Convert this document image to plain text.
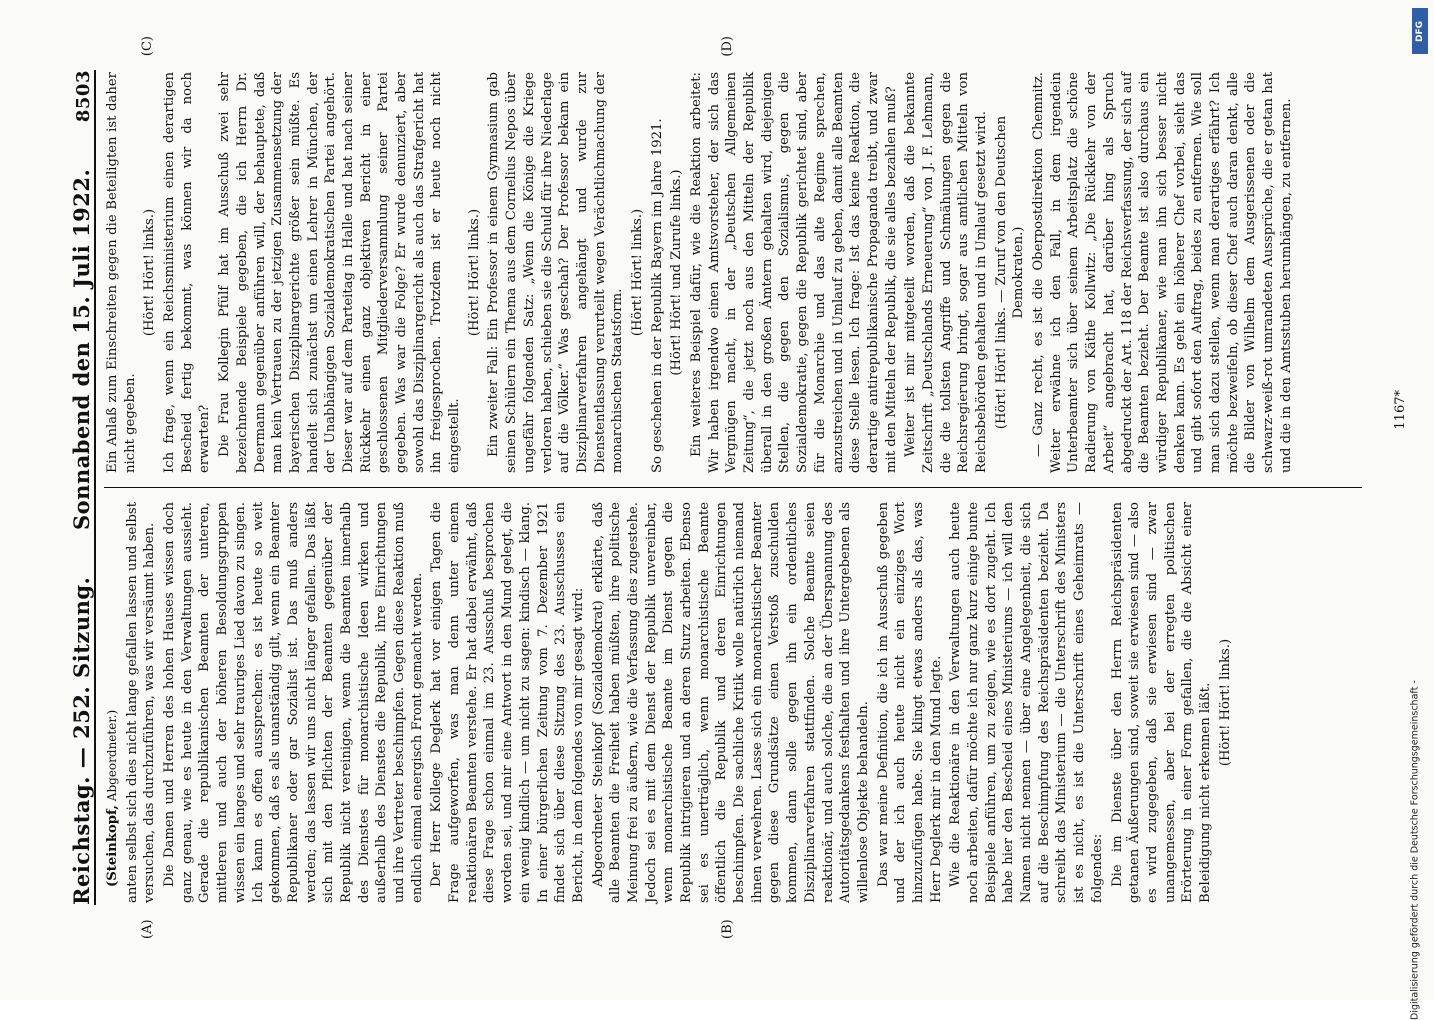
Reichstag. — 252. Sitzung.
Sonnabend den 15. Juli 1922.
8503
(A)	(B)
(C)	(D)

(Steinkopf, Abgeordneter.) anten selbst sich dies nicht lange gefallen lassen und selbst versuchen, das durchzuführen, was wir versäumt haben. Die Damen und Herren des hohen Hauses wissen doch ganz genau, wie es heute in den Verwaltungen aussieht. Gerade die republikanischen Beamten der unteren, mittleren und auch der höheren Besoldungsgruppen wissen ein langes und sehr trauriges Lied davon zu singen. Ich kann es offen aussprechen: es ist heute so weit gekommen, daß es als unanständig gilt, wenn ein Beamter Republikaner oder gar Sozialist ist. Das muß anders werden; das lassen wir uns nicht länger gefallen. Das läßt sich mit den Pflichten der Beamten gegenüber der Republik nicht vereinigen, wenn die Beamten innerhalb des Dienstes für monarchistische Ideen wirken und außerhalb des Dienstes die Republik, ihre Einrichtungen und ihre Vertreter beschimpfen. Gegen diese Reaktion muß endlich einmal energisch Front gemacht werden. Der Herr Kollege Deglerk hat vor einigen Tagen die Frage aufgeworfen, was man denn unter einem reaktionären Beamten verstehe. Er hat dabei erwähnt, daß diese Frage schon einmal im 23. Ausschuß besprochen worden sei, und mir eine Antwort in den Mund gelegt, die ein wenig kindlich — um nicht zu sagen: kindisch — klang. In einer bürgerlichen Zeitung vom 7. Dezember 1921 findet sich über diese Sitzung des 23. Ausschusses ein Bericht, in dem folgendes von mir gesagt wird: Abgeordneter Steinkopf (Sozialdemokrat) erklärte, daß alle Beamten die Freiheit haben müßten, ihre politische Meinung frei zu äußern, wie die Verfassung dies zugestehe. Jedoch sei es mit dem Dienst der Republik unvereinbar, wenn monarchistische Beamte im Dienst gegen die Republik intrigieren und an deren Sturz arbeiten. Ebenso sei es unerträglich, wenn monarchistische Beamte öffentlich die Republik und deren Einrichtungen beschimpfen. Die sachliche Kritik wolle natürlich niemand ihnen verwehren. Lasse sich ein monarchistischer Beamter gegen diese Grundsätze einen Verstoß zuschulden kommen, dann solle gegen ihn ein ordentliches Disziplinarverfahren stattfinden. Solche Beamte seien reaktionär, und auch solche, die an der Überspannung des Autoritätsgedankens festhalten und ihre Untergebenen als willenlose Objekte behandeln. Das war meine Definition, die ich im Ausschuß gegeben und der ich auch heute nicht ein einziges Wort hinzuzufügen habe. Sie klingt etwas anders als das, was Herr Deglerk mir in den Mund legte. Wie die Reaktionäre in den Verwaltungen auch heute noch arbeiten, dafür möchte ich nur ganz kurz einige bunte Beispiele anführen, um zu zeigen, wie es dort zugeht. Ich habe hier den Bescheid eines Ministeriums — ich will den Namen nicht nennen — über eine Angelegenheit, die sich auf die Beschimpfung des Reichspräsidenten bezieht. Da schreibt das Ministerium — die Unterschrift des Ministers ist es nicht, es ist die Unterschrift eines Geheimrats — folgendes: Die im Dienste über den Herrn Reichspräsidenten getanen Äußerungen sind, soweit sie erwiesen sind — also es wird zugegeben, daß sie erwiesen sind — zwar unangemessen, aber bei der erregten politischen Erörterung in einer Form gefallen, die die Absicht einer Beleidigung nicht erkennen läßt. (Hört! Hört! links.)

Ein Anlaß zum Einschreiten gegen die Beteiligten ist daher nicht gegeben.

(Hört! Hört! links.) Ich frage, wenn ein Reichsministerium einen derartigen Bescheid fertig bekommt, was können wir da noch erwarten? Die Frau Kollegin Pfülf hat im Ausschuß zwei sehr bezeichnende Beispiele gegeben, die ich Herrn Dr. Deermann gegenüber anführen will, der behauptete, daß man kein Vertrauen zu der jetzigen Zusammensetzung der bayerischen Disziplinargerichte größer sein müßte. Es handelt sich zunächst um einen Lehrer in München, der der Unabhängigen Sozialdemokratischen Partei angehört. Dieser war auf dem Parteitag in Halle und hat nach seiner Rückkehr einen ganz objektiven Bericht in einer geschlossenen Mitgliederversammlung seiner Partei gegeben. Was war die Folge? Er wurde denunziert, aber sowohl das Disziplinargericht als auch das Strafgericht hat ihn freigesprochen. Trotzdem ist er heute noch nicht eingestellt.

(Hört! Hört! links.) Ein zweiter Fall: Ein Professor in einem Gymnasium gab seinen Schülern ein Thema aus dem Cornelius Nepos über ungefähr folgenden Satz: „Wenn die Könige die Kriege verloren haben, schieben sie die Schuld für ihre Niederlage auf die Völker.“ Was geschah? Der Professor bekam ein Disziplinarverfahren angehängt und wurde zur Dienstentlassung verurteilt wegen Verächtlichmachung der monarchischen Staatsform.

(Hört! Hört! links.) So geschehen in der Republik Bayern im Jahre 1921. (Hört! Hört! und Zurufe links.) Ein weiteres Beispiel dafür, wie die Reaktion arbeitet: Wir haben irgendwo einen Amtsvorsteher, der sich das Vergnügen macht, in der „Deutschen Allgemeinen Zeitung“, die jetzt noch aus den Mitteln der Republik überall in den großen Ämtern gehalten wird, diejenigen Stellen, die gegen den Sozialismus, gegen die Sozialdemokratie, gegen die Republik gerichtet sind, aber für die Monarchie und das alte Regime sprechen, anzustreichen und in Umlauf zu geben, damit alle Beamten diese Stelle lesen. Ich frage: Ist das keine Reaktion, die derartige antirepublikanische Propaganda treibt, und zwar mit den Mitteln der Republik, die sie alles bezahlen muß? Weiter ist mir mitgeteilt worden, daß die bekannte Zeitschrift „Deutschlands Erneuerung“ von J. F. Lehmann, die die tollsten Angriffe und Schmähungen gegen die Reichsregierung bringt, sogar aus amtlichen Mitteln von Reichsbehörden gehalten und in Umlauf gesetzt wird. (Hört! Hört! links. — Zuruf von den Deutschen Demokraten.) — Ganz recht, es ist die Oberpostdirektion Chemnitz. Weiter erwähne ich den Fall, in dem irgendein Unterbeamter sich über seinem Arbeitsplatz die schöne Radierung von Käthe Kollwitz: „Die Rückkehr von der Arbeit“ angebracht hat, darüber hing als Spruch abgedruckt der Art. 118 der Reichsverfassung, der sich auf die Beamten bezieht. Der Beamte ist also durchaus ein würdiger Republikaner, wie man ihn sich besser nicht denken kann. Es geht ein höherer Chef vorbei, sieht das und gibt sofort den Auftrag, beides zu entfernen. Wie soll man sich dazu stellen, wenn man derartiges erfährt? Ich möchte bezweifeln, ob dieser Chef auch daran denkt, alle die Bilder von Wilhelm dem Ausgerissenen oder die schwarz-weiß-rot umrandeten Aussprüche, die er getan hat und die in den Amtsstuben herumhängen, zu entfernen.	1167*
DFG
Digitalisierung gefördert durch die Deutsche Forschungsgemeinschaft -
